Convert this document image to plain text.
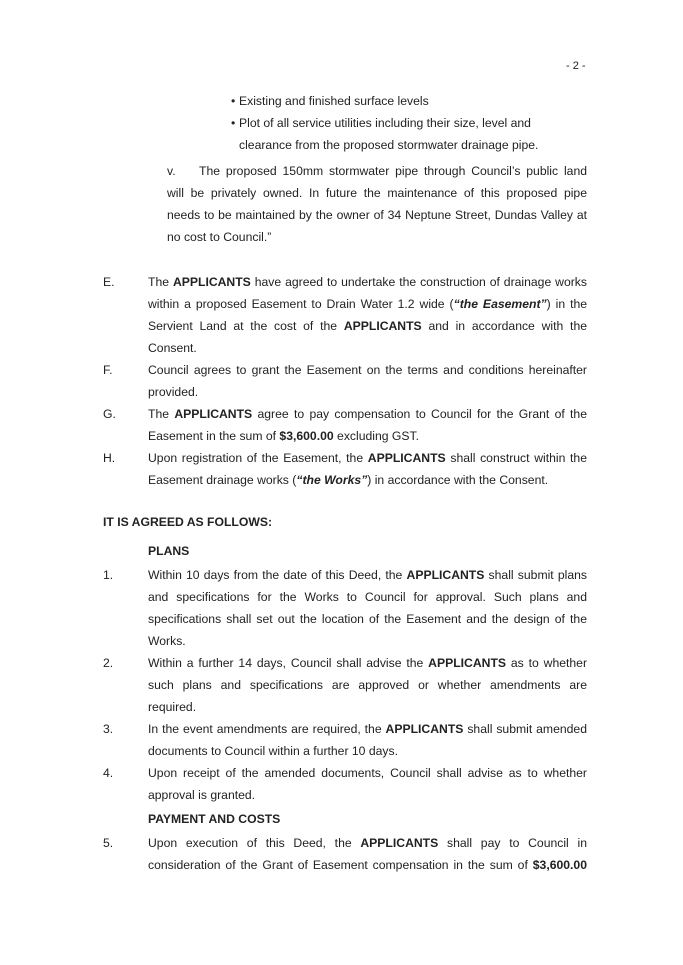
- 2 -
• Existing and finished surface levels
• Plot of all service utilities including their size, level and
clearance from the proposed stormwater drainage pipe.
v.	The proposed 150mm stormwater pipe through Council’s public land will be privately owned. In future the maintenance of this proposed pipe needs to be maintained by the owner of 34 Neptune Street, Dundas Valley at no cost to Council.”
E.	The APPLICANTS have agreed to undertake the construction of drainage works within a proposed Easement to Drain Water 1.2 wide (“the Easement”) in the Servient Land at the cost of the APPLICANTS and in accordance with the Consent.
F.	Council agrees to grant the Easement on the terms and conditions hereinafter provided.
G.	The APPLICANTS agree to pay compensation to Council for the Grant of the Easement in the sum of $3,600.00 excluding GST.
H.	Upon registration of the Easement, the APPLICANTS shall construct within the Easement drainage works (“the Works”) in accordance with the Consent.
IT IS AGREED AS FOLLOWS:
PLANS
1.	Within 10 days from the date of this Deed, the APPLICANTS shall submit plans and specifications for the Works to Council for approval. Such plans and specifications shall set out the location of the Easement and the design of the Works.
2.	Within a further 14 days, Council shall advise the APPLICANTS as to whether such plans and specifications are approved or whether amendments are required.
3.	In the event amendments are required, the APPLICANTS shall submit amended documents to Council within a further 10 days.
4.	Upon receipt of the amended documents, Council shall advise as to whether approval is granted.
PAYMENT AND COSTS
5.	Upon execution of this Deed, the APPLICANTS shall pay to Council in consideration of the Grant of Easement compensation in the sum of $3,600.00
